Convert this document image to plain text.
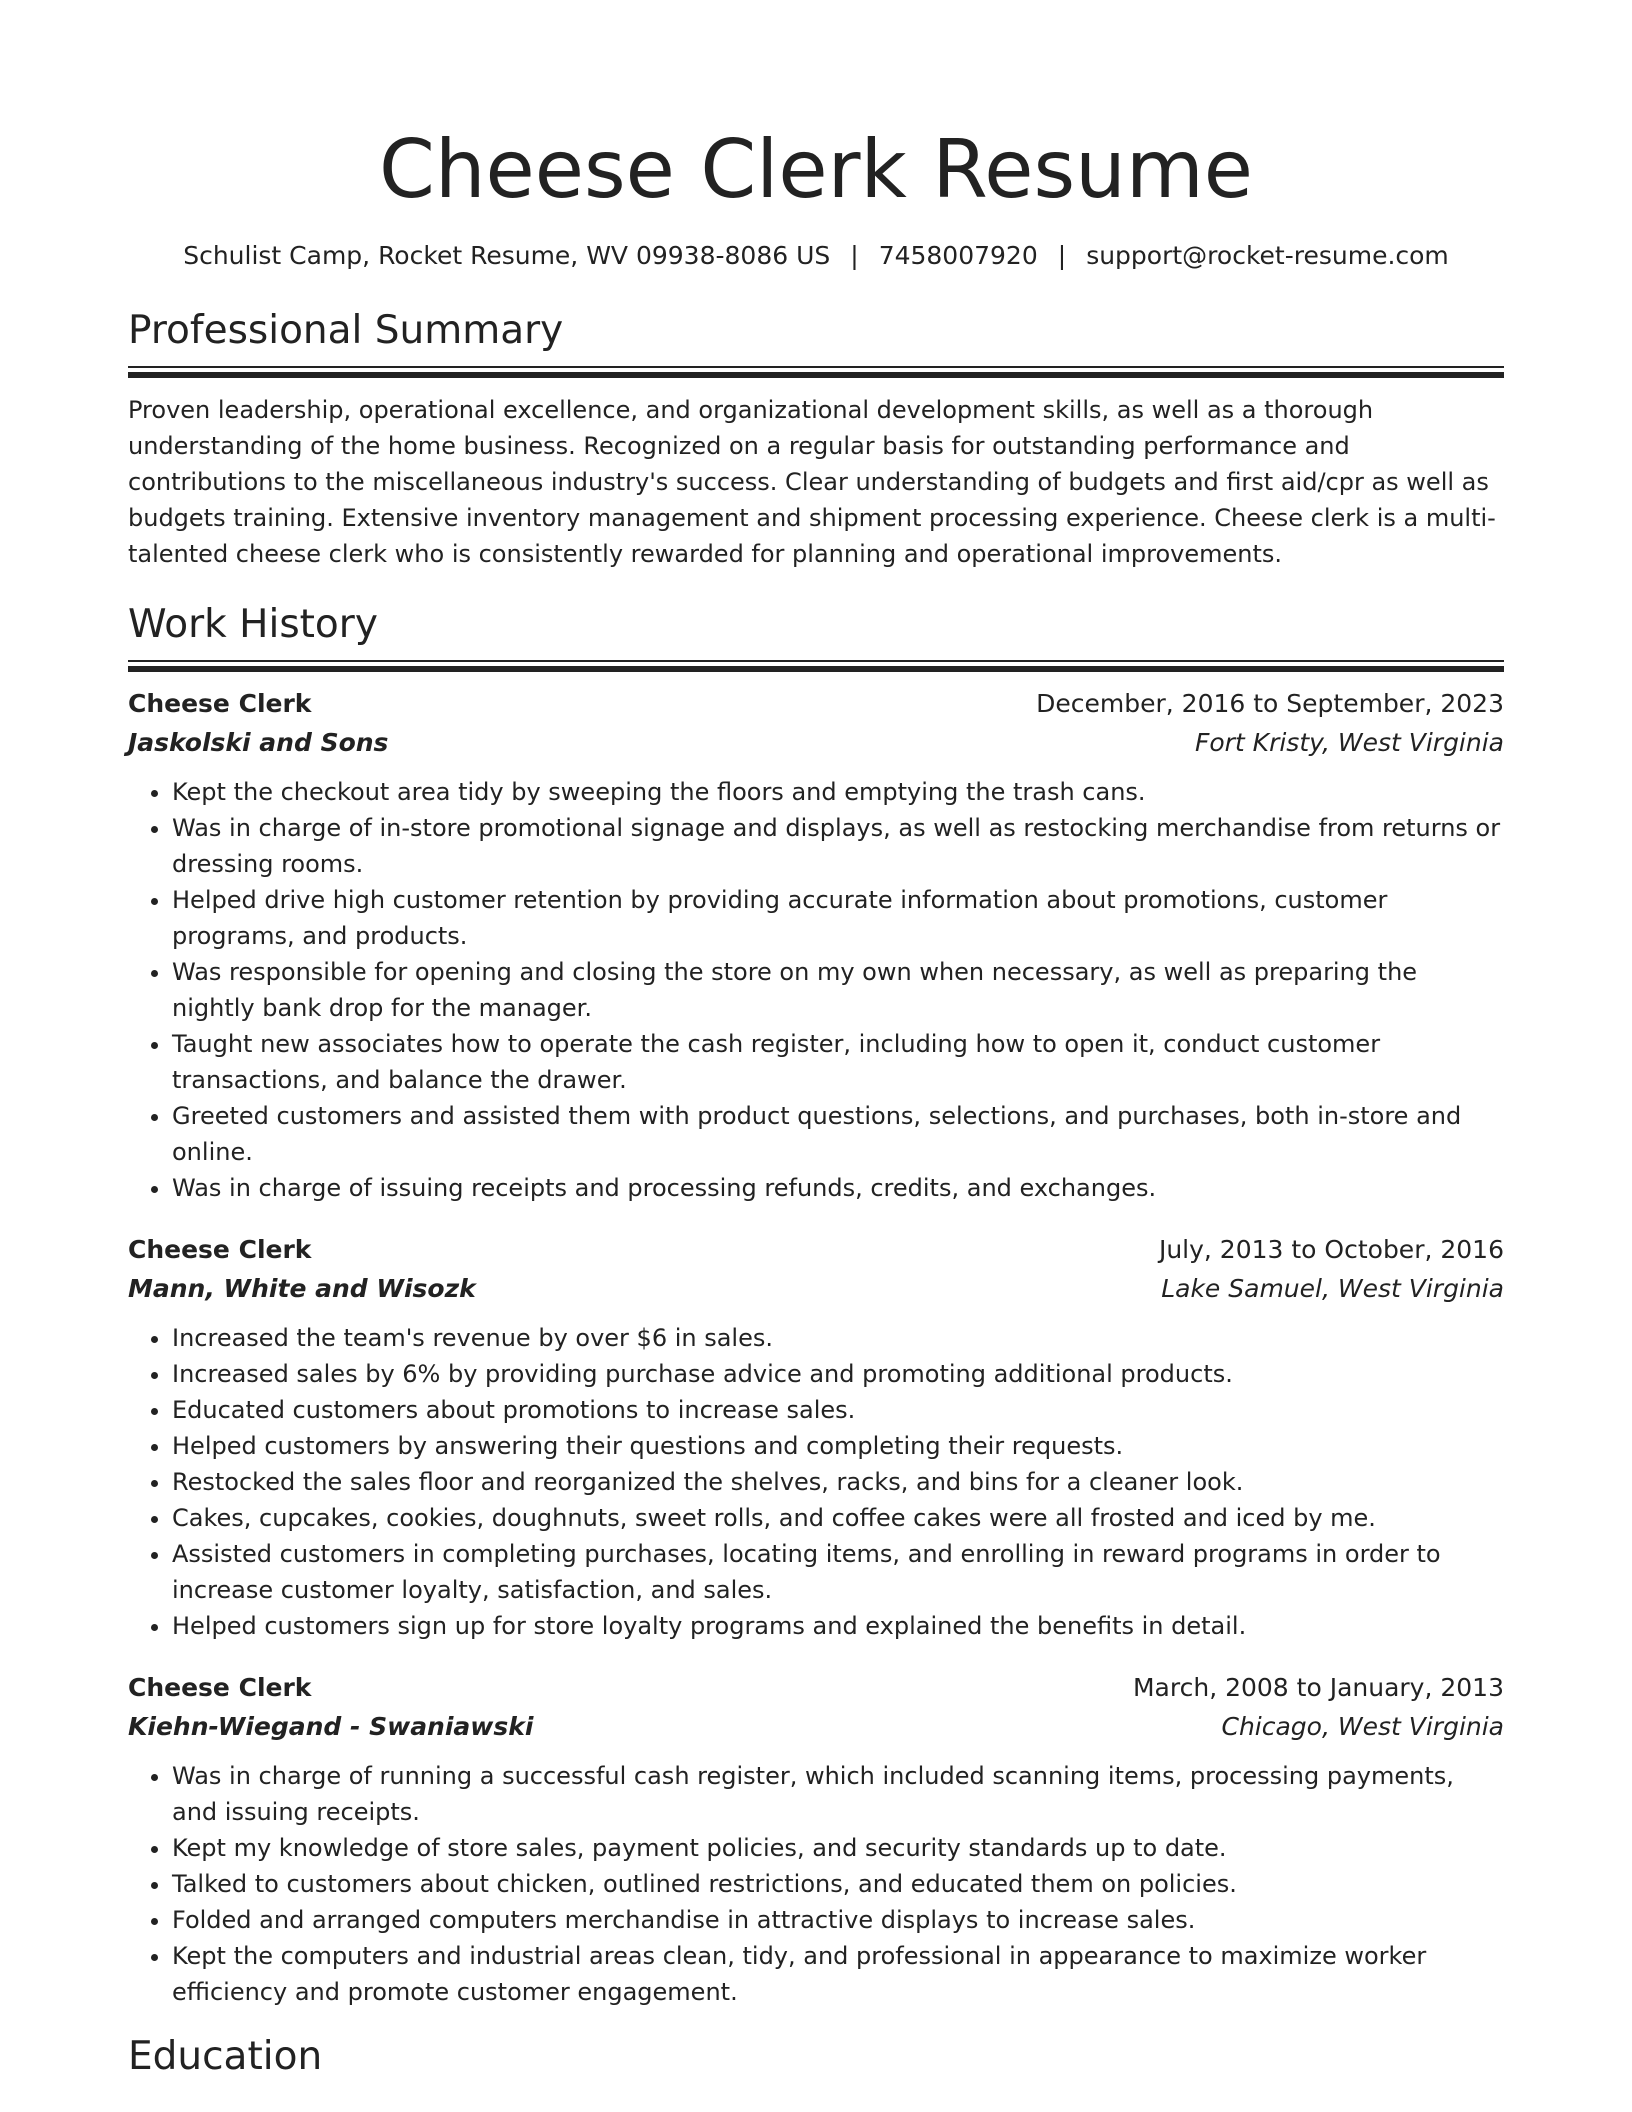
Cheese Clerk Resume
Schulist Camp, Rocket Resume, WV 09938-8086 US | 7458007920 | support@rocket-resume.com
Professional Summary

Proven leadership, operational excellence, and organizational development skills, as well as a thorough understanding of the home business. Recognized on a regular basis for outstanding performance and contributions to the miscellaneous industry's success. Clear understanding of budgets and first aid/cpr as well as budgets training. Extensive inventory management and shipment processing experience. Cheese clerk is a multi-talented cheese clerk who is consistently rewarded for planning and operational improvements.

Work History
Cheese Clerk	December, 2016 to September, 2023
Jaskolski and Sons	Fort Kristy, West Virginia
• Kept the checkout area tidy by sweeping the floors and emptying the trash cans.
• Was in charge of in-store promotional signage and displays, as well as restocking merchandise from returns or dressing rooms.
• Helped drive high customer retention by providing accurate information about promotions, customer programs, and products.
• Was responsible for opening and closing the store on my own when necessary, as well as preparing the nightly bank drop for the manager.
• Taught new associates how to operate the cash register, including how to open it, conduct customer transactions, and balance the drawer.
• Greeted customers and assisted them with product questions, selections, and purchases, both in-store and online.
• Was in charge of issuing receipts and processing refunds, credits, and exchanges.
Cheese Clerk	July, 2013 to October, 2016
Mann, White and Wisozk	Lake Samuel, West Virginia
• Increased the team's revenue by over $6 in sales.
• Increased sales by 6% by providing purchase advice and promoting additional products.
• Educated customers about promotions to increase sales.
• Helped customers by answering their questions and completing their requests.
• Restocked the sales floor and reorganized the shelves, racks, and bins for a cleaner look.
• Cakes, cupcakes, cookies, doughnuts, sweet rolls, and coffee cakes were all frosted and iced by me.
• Assisted customers in completing purchases, locating items, and enrolling in reward programs in order to increase customer loyalty, satisfaction, and sales.
• Helped customers sign up for store loyalty programs and explained the benefits in detail.
Cheese Clerk	March, 2008 to January, 2013
Kiehn-Wiegand - Swaniawski	Chicago, West Virginia
• Was in charge of running a successful cash register, which included scanning items, processing payments, and issuing receipts.
• Kept my knowledge of store sales, payment policies, and security standards up to date.
• Talked to customers about chicken, outlined restrictions, and educated them on policies.
• Folded and arranged computers merchandise in attractive displays to increase sales.
• Kept the computers and industrial areas clean, tidy, and professional in appearance to maximize worker efficiency and promote customer engagement.
Education
